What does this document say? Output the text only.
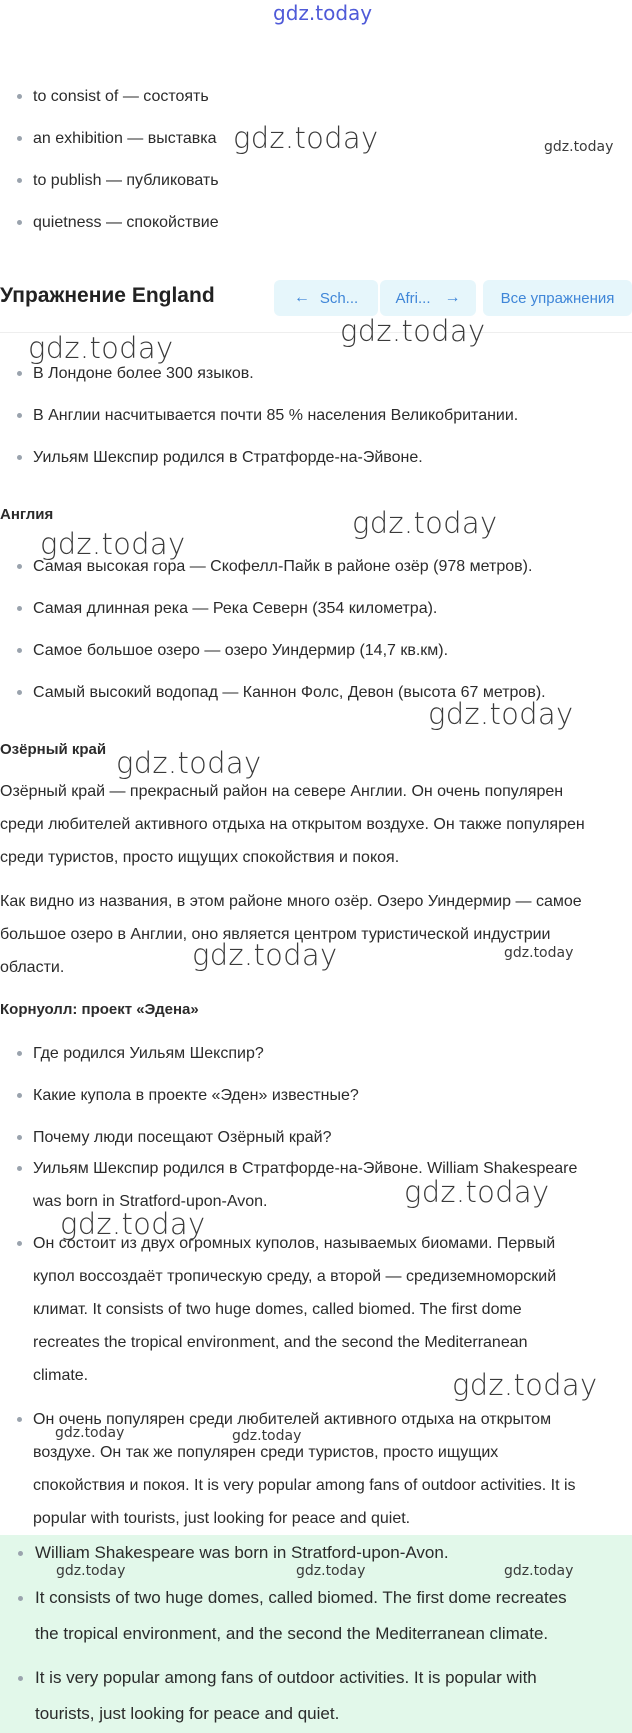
gdz.today
to consist of — состоять
an exhibition — выставка
to publish — публиковать
quietness — спокойствие
Упражнение England	← Sch... Afri... →	Все упражнения
В Лондоне более 300 языков.
В Англии насчитывается почти 85 % населения Великобритании.
Уильям Шекспир родился в Стратфорде-на-Эйвоне.
Англия
Самая высокая гора — Скофелл-Пайк в районе озёр (978 метров).
Самая длинная река — Река Северн (354 километра).
Самое большое озеро — озеро Уиндермир (14,7 кв.км).
Самый высокий водопад — Каннон Фолс, Девон (высота 67 метров).
Озёрный край
Озёрный край — прекрасный район на севере Англии. Он очень популярен
среди любителей активного отдыха на открытом воздухе. Он также популярен
среди туристов, просто ищущих спокойствия и покоя.
Как видно из названия, в этом районе много озёр. Озеро Уиндермир — самое
большое озеро в Англии, оно является центром туристической индустрии
области.
Корнуолл: проект «Эдена»
Где родился Уильям Шекспир?
Какие купола в проекте «Эден» известные?
Почему люди посещают Озёрный край?
Уильям Шекспир родился в Стратфорде-на-Эйвоне. William Shakespeare
was born in Stratford-upon-Avon.
Он состоит из двух огромных куполов, называемых биомами. Первый
купол воссоздаёт тропическую среду, а второй — средиземноморский
климат. It consists of two huge domes, called biomed. The first dome
recreates the tropical environment, and the second the Mediterranean
climate.
Он очень популярен среди любителей активного отдыха на открытом
воздухе. Он так же популярен среди туристов, просто ищущих
спокойствия и покоя. It is very popular among fans of outdoor activities. It is
popular with tourists, just looking for peace and quiet.
William Shakespeare was born in Stratford-upon-Avon.
It consists of two huge domes, called biomed. The first dome recreates
the tropical environment, and the second the Mediterranean climate.
It is very popular among fans of outdoor activities. It is popular with
tourists, just looking for peace and quiet.
gdz.today	gdz.today
gdz.today
gdz.today
gdz.today
gdz.today
gdz.today
gdz.today
gdz.today	gdz.today
gdz.today
gdz.today
gdz.today
gdz.today	gdz.today
gdz.today	gdz.today	gdz.today
